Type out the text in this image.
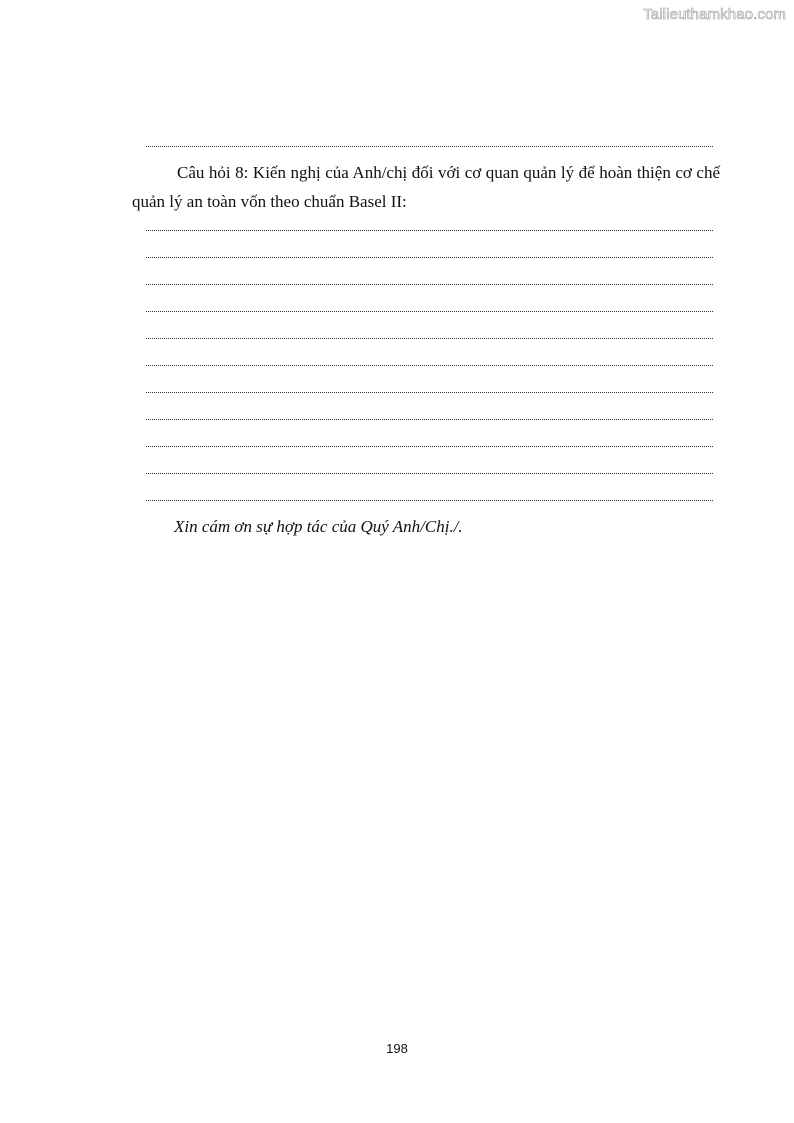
Tailieuthamkhao.com

Câu hỏi 8: Kiến nghị của Anh/chị đối với cơ quan quản lý để hoàn thiện cơ chế quản lý an toàn vốn theo chuẩn Basel II:

Xin cám ơn sự hợp tác của Quý Anh/Chị./.
198
